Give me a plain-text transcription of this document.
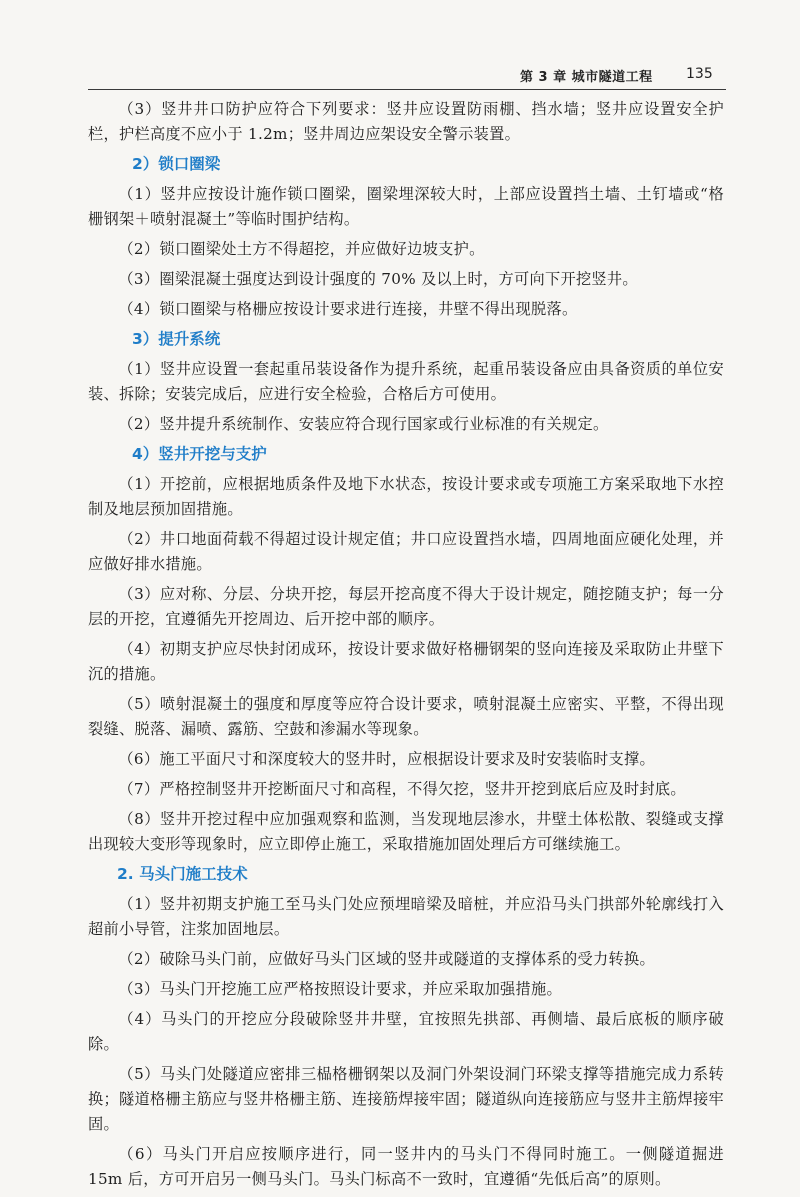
第 3 章 城市隧道工程 135
（3）竖井井口防护应符合下列要求：竖井应设置防雨棚、挡水墙；竖井应设置安全护栏，护栏高度不应小于 1.2m；竖井周边应架设安全警示装置。
2）锁口圈梁
（1）竖井应按设计施作锁口圈梁，圈梁埋深较大时，上部应设置挡土墙、土钉墙或“格栅钢架＋喷射混凝土”等临时围护结构。
（2）锁口圈梁处土方不得超挖，并应做好边坡支护。
（3）圈梁混凝土强度达到设计强度的 70% 及以上时，方可向下开挖竖井。
（4）锁口圈梁与格栅应按设计要求进行连接，井壁不得出现脱落。
3）提升系统
（1）竖井应设置一套起重吊装设备作为提升系统，起重吊装设备应由具备资质的单位安装、拆除；安装完成后，应进行安全检验，合格后方可使用。
（2）竖井提升系统制作、安装应符合现行国家或行业标准的有关规定。
4）竖井开挖与支护
（1）开挖前，应根据地质条件及地下水状态，按设计要求或专项施工方案采取地下水控制及地层预加固措施。
（2）井口地面荷载不得超过设计规定值；井口应设置挡水墙，四周地面应硬化处理，并应做好排水措施。
（3）应对称、分层、分块开挖，每层开挖高度不得大于设计规定，随挖随支护；每一分层的开挖，宜遵循先开挖周边、后开挖中部的顺序。
（4）初期支护应尽快封闭成环，按设计要求做好格栅钢架的竖向连接及采取防止井壁下沉的措施。
（5）喷射混凝土的强度和厚度等应符合设计要求，喷射混凝土应密实、平整，不得出现裂缝、脱落、漏喷、露筋、空鼓和渗漏水等现象。
（6）施工平面尺寸和深度较大的竖井时，应根据设计要求及时安装临时支撑。
（7）严格控制竖井开挖断面尺寸和高程，不得欠挖，竖井开挖到底后应及时封底。
（8）竖井开挖过程中应加强观察和监测，当发现地层渗水，井壁土体松散、裂缝或支撑出现较大变形等现象时，应立即停止施工，采取措施加固处理后方可继续施工。
2. 马头门施工技术
（1）竖井初期支护施工至马头门处应预埋暗梁及暗桩，并应沿马头门拱部外轮廓线打入超前小导管，注浆加固地层。
（2）破除马头门前，应做好马头门区域的竖井或隧道的支撑体系的受力转换。
（3）马头门开挖施工应严格按照设计要求，并应采取加强措施。
（4）马头门的开挖应分段破除竖井井壁，宜按照先拱部、再侧墙、最后底板的顺序破除。
（5）马头门处隧道应密排三榀格栅钢架以及洞门外架设洞门环梁支撑等措施完成力系转换；隧道格栅主筋应与竖井格栅主筋、连接筋焊接牢固；隧道纵向连接筋应与竖井主筋焊接牢固。
（6）马头门开启应按顺序进行，同一竖井内的马头门不得同时施工。一侧隧道掘进 15m 后，方可开启另一侧马头门。马头门标高不一致时，宜遵循“先低后高”的原则。
